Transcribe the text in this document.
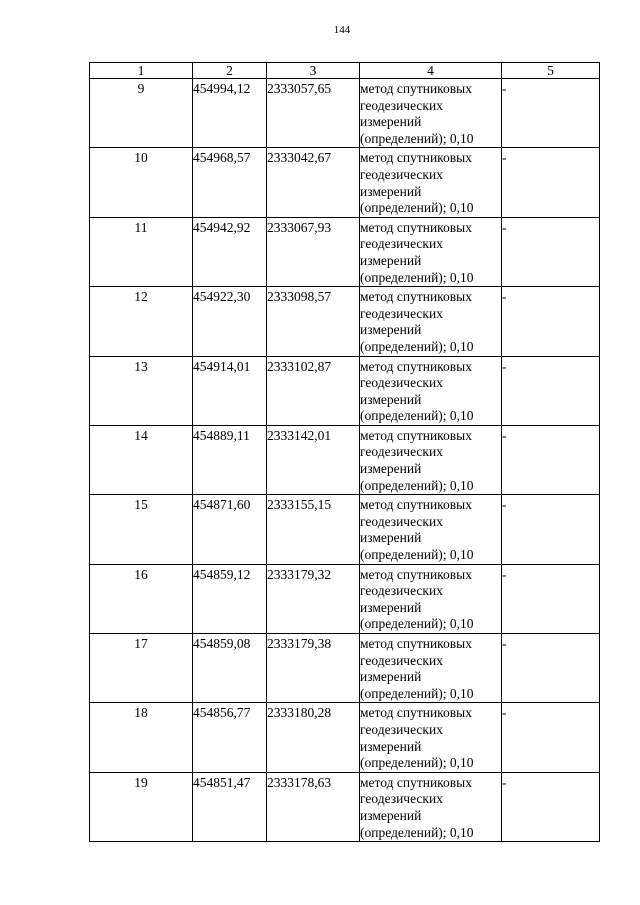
144
1	2	3	4	5
9	454994,12	2333057,65	метод спутниковых
геодезических
измерений
(определений); 0,10	-
10	454968,57	2333042,67	метод спутниковых
геодезических
измерений
(определений); 0,10	-
11	454942,92	2333067,93	метод спутниковых
геодезических
измерений
(определений); 0,10	-
12	454922,30	2333098,57	метод спутниковых
геодезических
измерений
(определений); 0,10	-
13	454914,01	2333102,87	метод спутниковых
геодезических
измерений
(определений); 0,10	-
14	454889,11	2333142,01	метод спутниковых
геодезических
измерений
(определений); 0,10	-
15	454871,60	2333155,15	метод спутниковых
геодезических
измерений
(определений); 0,10	-
16	454859,12	2333179,32	метод спутниковых
геодезических
измерений
(определений); 0,10	-
17	454859,08	2333179,38	метод спутниковых
геодезических
измерений
(определений); 0,10	-
18	454856,77	2333180,28	метод спутниковых
геодезических
измерений
(определений); 0,10	-
19	454851,47	2333178,63	метод спутниковых
геодезических
измерений
(определений); 0,10	-
